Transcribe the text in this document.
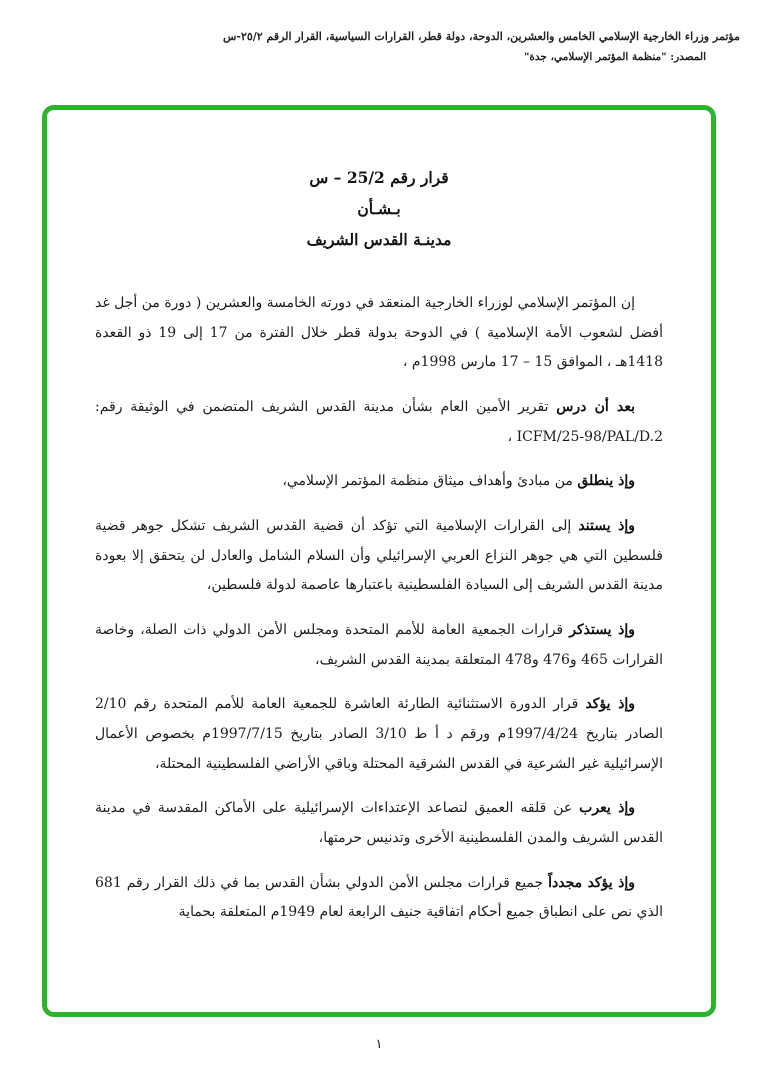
مؤتمر وزراء الخارجية الإسلامي الخامس والعشرين، الدوحة، دولة قطر، القرارات السياسية، القرار الرقم ٢٥/٢-س
المصدر: "منظمة المؤتمر الإسلامي، جدة"
قرار رقم 25/2 – س
بـشـأن
مدينـة القدس الشريف

إن المؤتمر الإسلامي لوزراء الخارجية المنعقد في دورته الخامسة والعشرين ( دورة من أجل غد أفضل لشعوب الأمة الإسلامية ) في الدوحة بدولة قطر خلال الفترة من 17 إلى 19 ذو القعدة 1418هـ ، الموافق 15 – 17 مارس 1998م ،

بعد أن درس تقرير الأمين العام بشأن مدينة القدس الشريف المتضمن في الوثيقة رقم: ICFM/25-98/PAL/D.2 ،

وإذ ينطلق من مبادئ وأهداف ميثاق منظمة المؤتمر الإسلامي،

وإذ يستند إلى القرارات الإسلامية التي تؤكد أن قضية القدس الشريف تشكل جوهر قضية فلسطين التي هي جوهر النزاع العربي الإسرائيلي وأن السلام الشامل والعادل لن يتحقق إلا بعودة مدينة القدس الشريف إلى السيادة الفلسطينية باعتبارها عاصمة لدولة فلسطين،

وإذ يستذكر قرارات الجمعية العامة للأمم المتحدة ومجلس الأمن الدولي ذات الصلة، وخاصة القرارات 465 و476 و478 المتعلقة بمدينة القدس الشريف،

وإذ يؤكد قرار الدورة الاستثنائية الطارئة العاشرة للجمعية العامة للأمم المتحدة رقم 2/10 الصادر بتاريخ 1997/4/24م ورقم د أ ط 3/10 الصادر بتاريخ 1997/7/15م بخصوص الأعمال الإسرائيلية غير الشرعية في القدس الشرقية المحتلة وباقي الأراضي الفلسطينية المحتلة،

وإذ يعرب عن قلقه العميق لتصاعد الإعتداءات الإسرائيلية على الأماكن المقدسة في مدينة القدس الشريف والمدن الفلسطينية الأخرى وتدنيس حرمتها،

وإذ يؤكد مجدداً جميع قرارات مجلس الأمن الدولي بشأن القدس بما في ذلك القرار رقم 681 الذي نص على انطباق جميع أحكام اتفاقية جنيف الرابعة لعام 1949م المتعلقة بحماية

١
